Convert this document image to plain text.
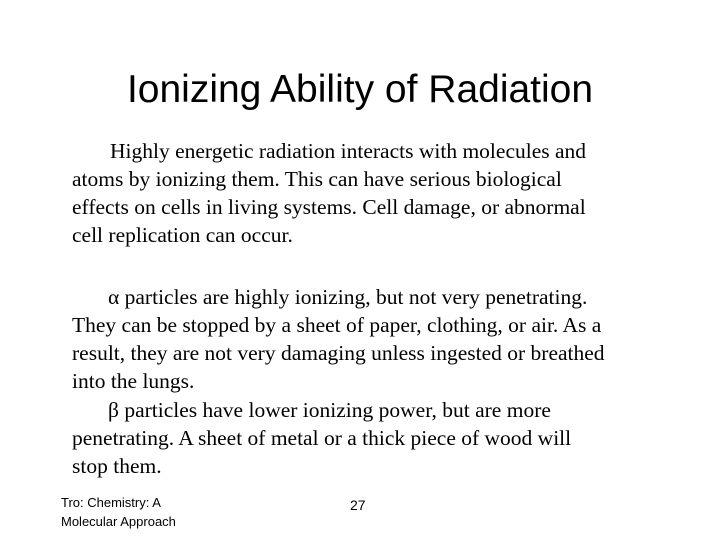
Ionizing Ability of Radiation

Highly energetic radiation interacts with molecules and
atoms by ionizing them. This can have serious biological
effects on cells in living systems. Cell damage, or abnormal
cell replication can occur.

α particles are highly ionizing, but not very penetrating.
They can be stopped by a sheet of paper, clothing, or air. As a
result, they are not very damaging unless ingested or breathed
into the lungs.

β particles have lower ionizing power, but are more
penetrating. A sheet of metal or a thick piece of wood will
stop them.

Tro: Chemistry: A
Molecular Approach
27
